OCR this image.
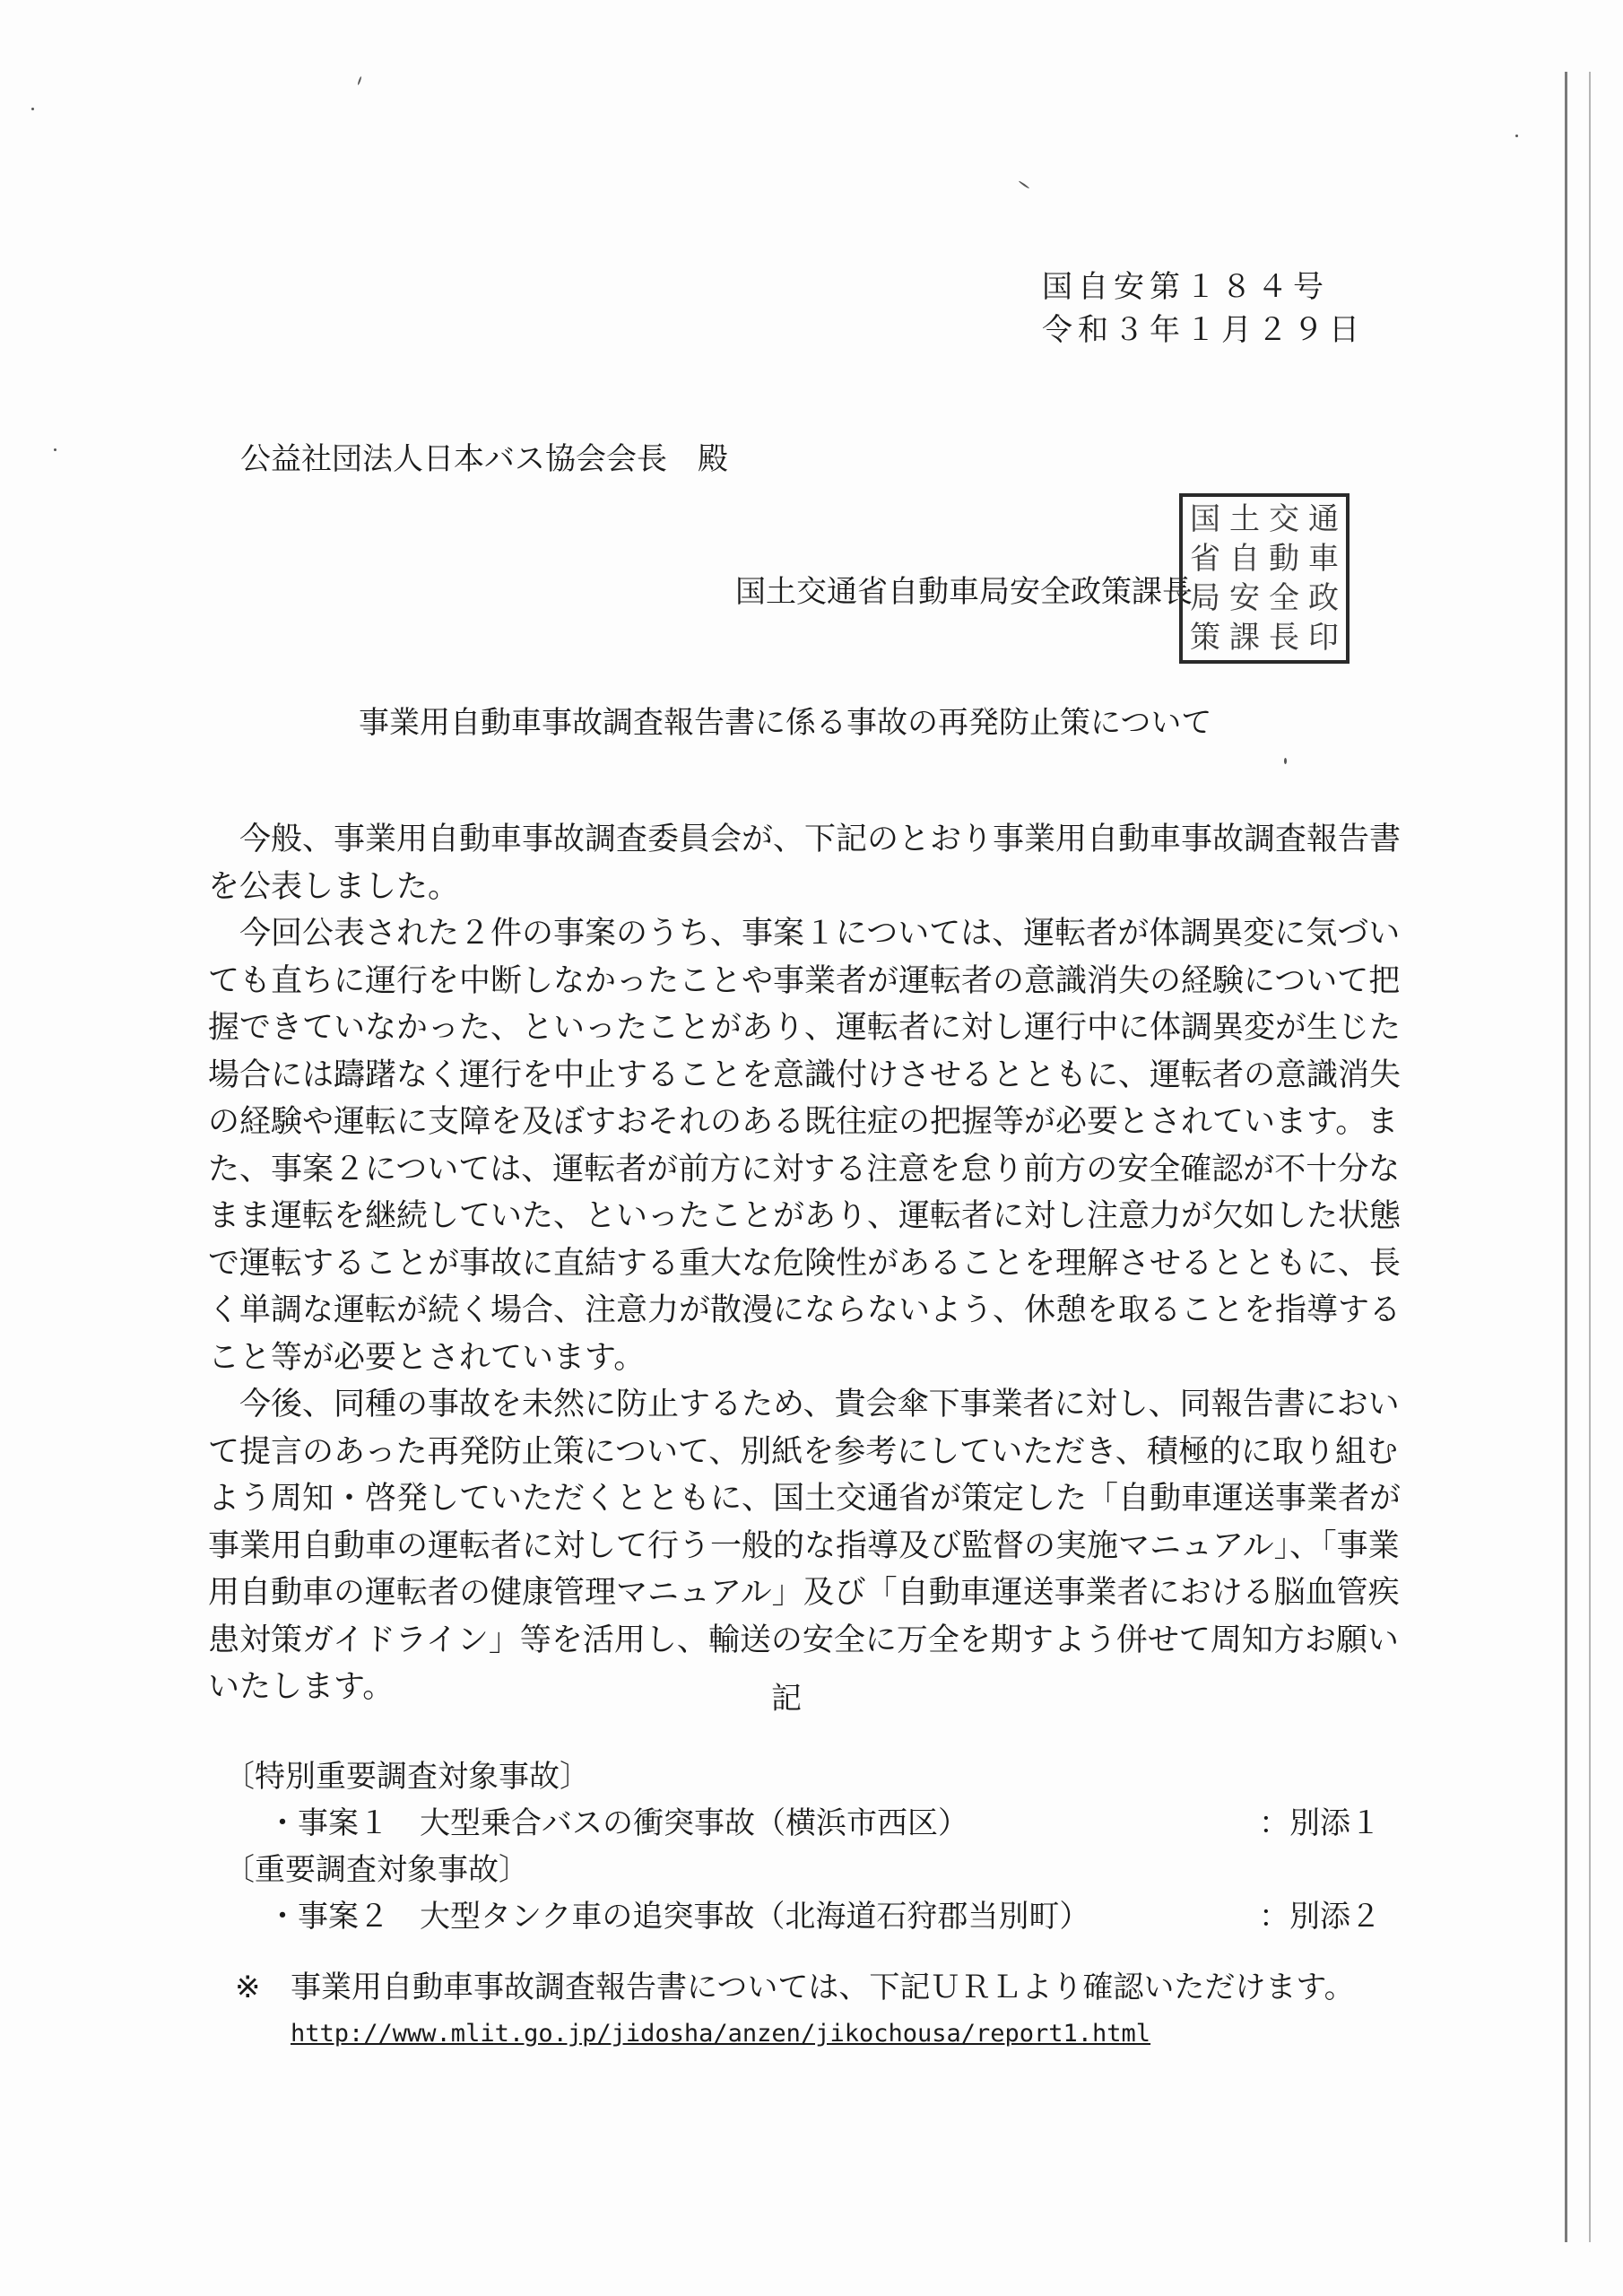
国自安第１８４号
令和３年１月２９日
公益社団法人日本バス協会会長　殿
国土交通省自動車局安全政策課長
国 土 交 通
省 自 動 車
局 安 全 政
策 課 長 印
事業用自動車事故調査報告書に係る事故の再発防止策について

今般、事業用自動車事故調査委員会が、下記のとおり事業用自動車事故調査報告書を公表しました。

今回公表された２件の事案のうち、事案１については、運転者が体調異変に気づいても直ちに運行を中断しなかったことや事業者が運転者の意識消失の経験について把握できていなかった、といったことがあり、運転者に対し運行中に体調異変が生じた場合には躊躇なく運行を中止することを意識付けさせるとともに、運転者の意識消失の経験や運転に支障を及ぼすおそれのある既往症の把握等が必要とされています。また、事案２については、運転者が前方に対する注意を怠り前方の安全確認が不十分なまま運転を継続していた、といったことがあり、運転者に対し注意力が欠如した状態で運転することが事故に直結する重大な危険性があることを理解させるとともに、長く単調な運転が続く場合、注意力が散漫にならないよう、休憩を取ることを指導すること等が必要とされています。

今後、同種の事故を未然に防止するため、貴会傘下事業者に対し、同報告書において提言のあった再発防止策について、別紙を参考にしていただき、積極的に取り組むよう周知・啓発していただくとともに、国土交通省が策定した「自動車運送事業者が事業用自動車の運転者に対して行う一般的な指導及び監督の実施マニュアル」、「事業用自動車の運転者の健康管理マニュアル」及び「自動車運送事業者における脳血管疾患対策ガイドライン」等を活用し、輸送の安全に万全を期すよう併せて周知方お願いいたします。	記
〔特別重要調査対象事故〕
・事案１　大型乗合バスの衝突事故（横浜市西区）	：別添１
〔重要調査対象事故〕
・事案２　大型タンク車の追突事故（北海道石狩郡当別町）	：別添２
※ 事業用自動車事故調査報告書については、下記ＵＲＬより確認いただけます。
http://www.mlit.go.jp/jidosha/anzen/jikochousa/report1.html
